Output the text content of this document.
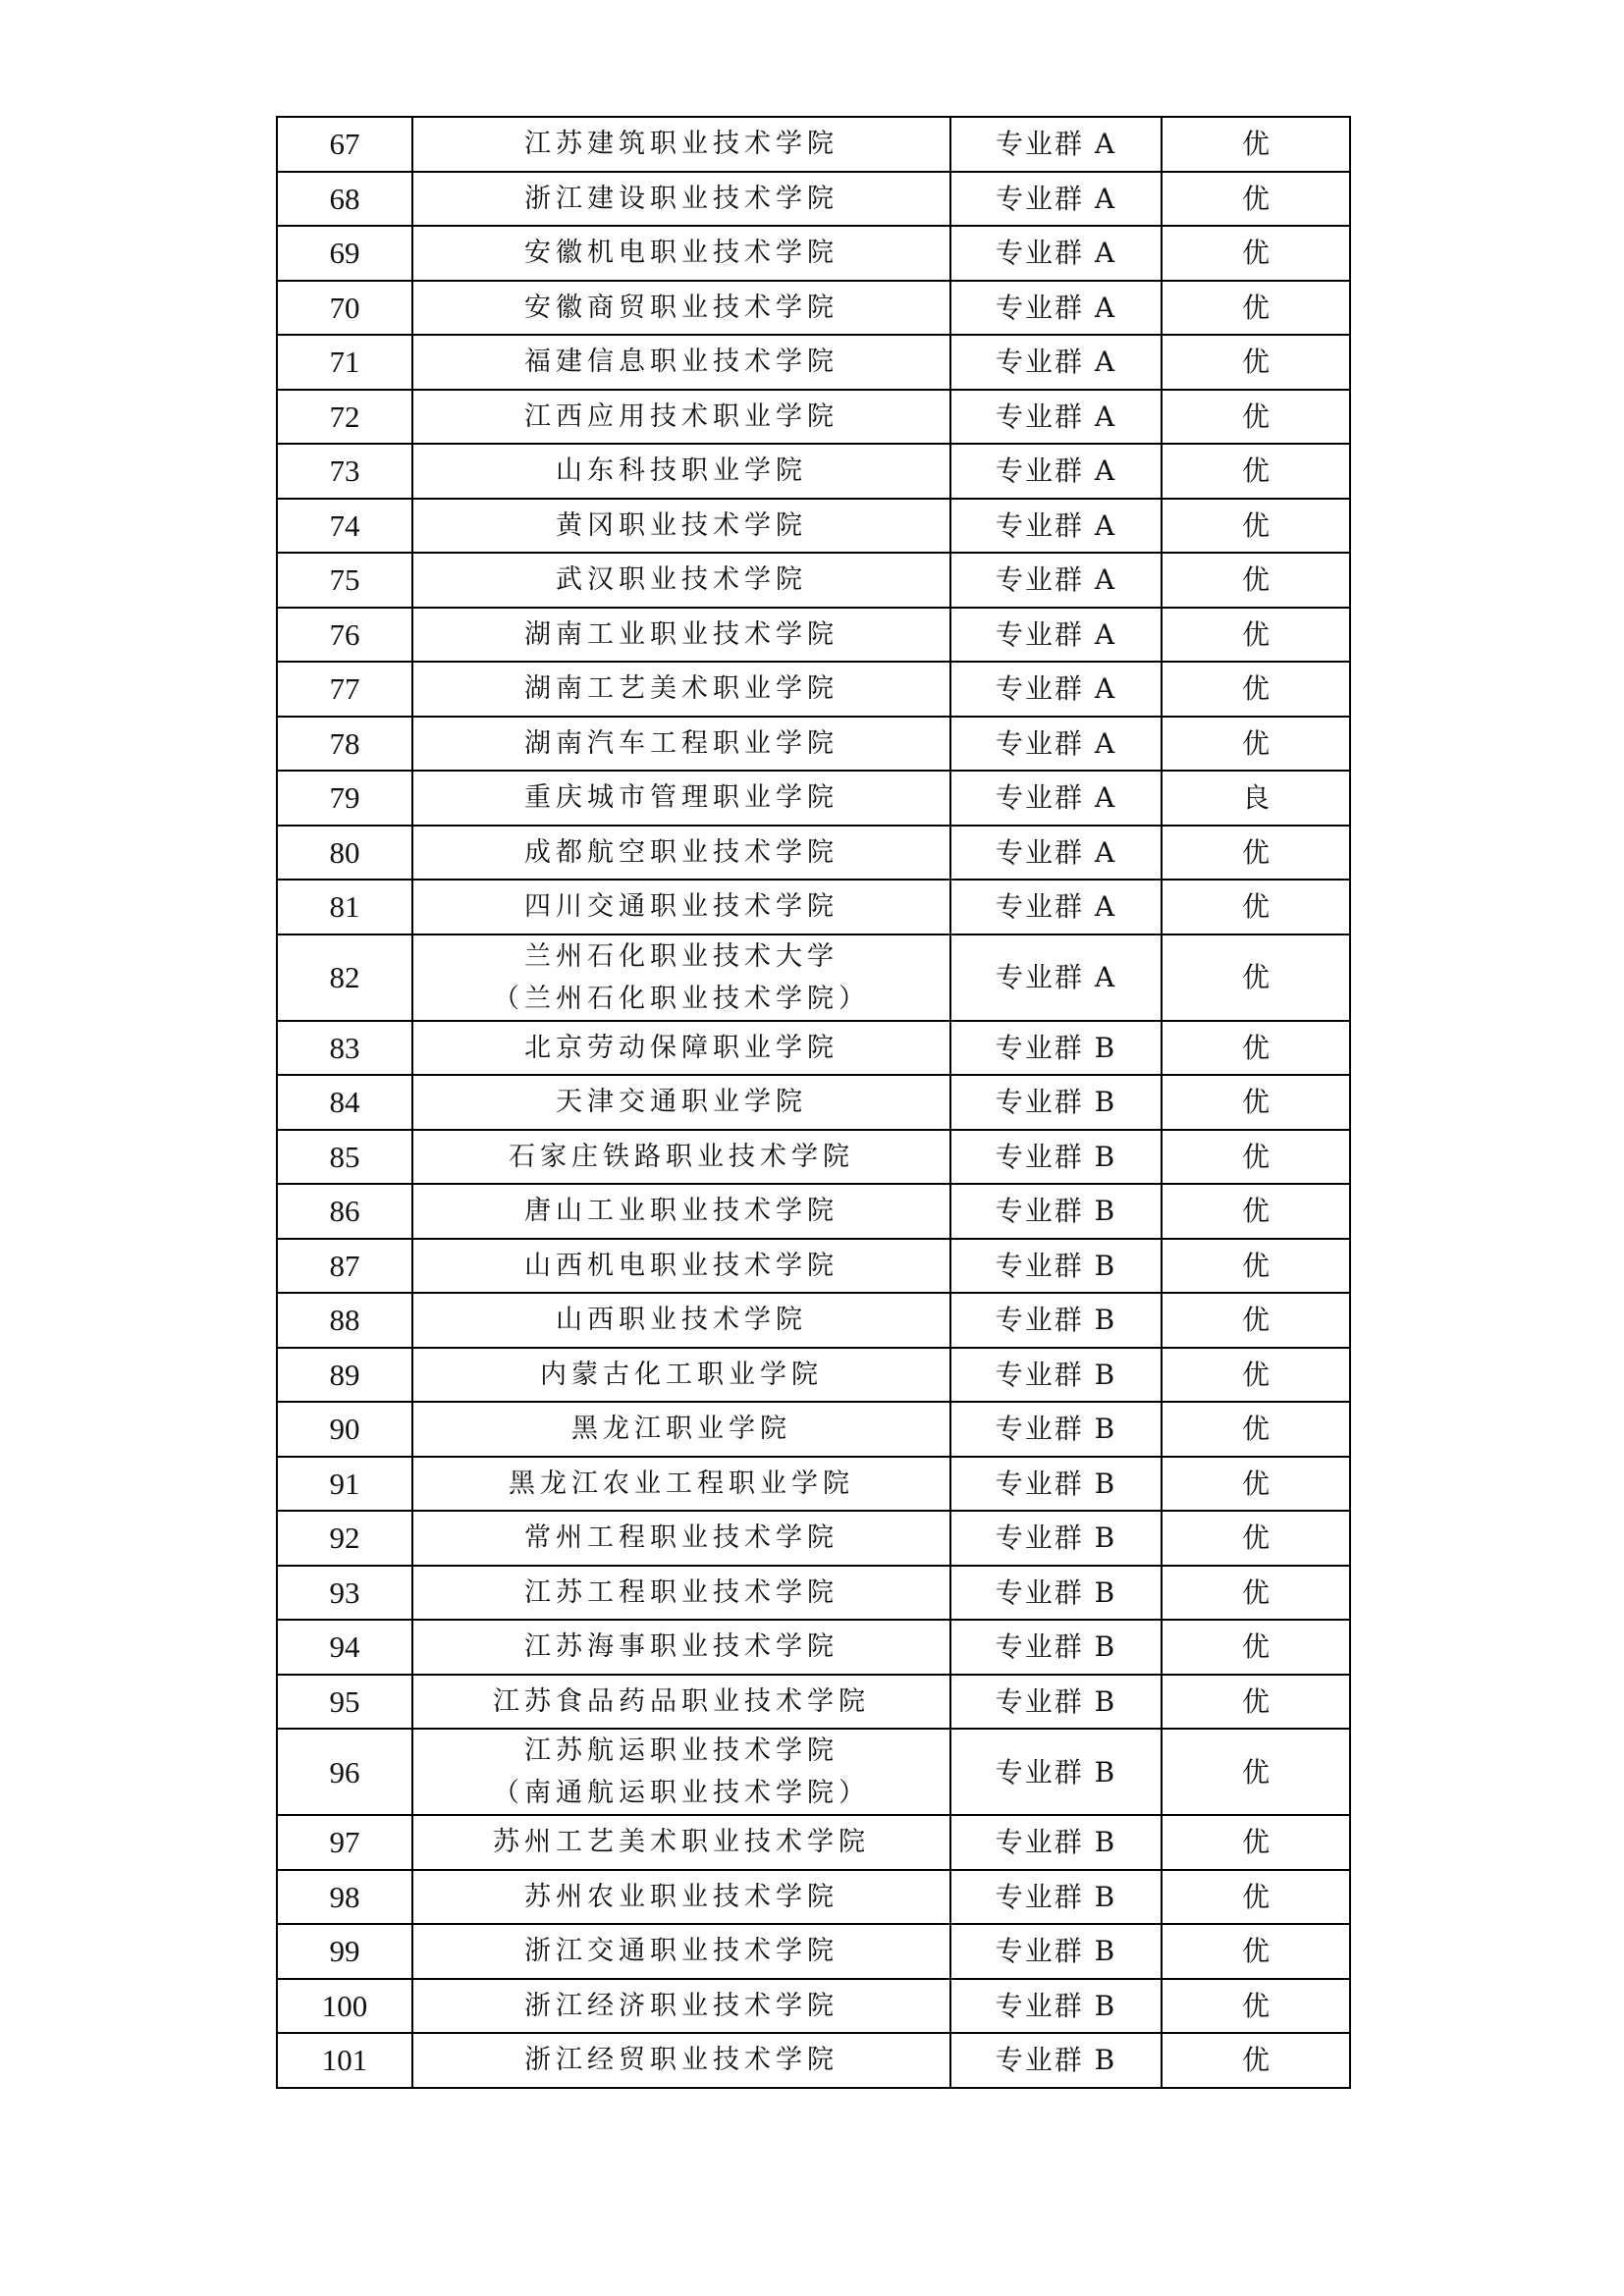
67	江苏建筑职业技术学院	专业群 A	优
68	浙江建设职业技术学院	专业群 A	优
69	安徽机电职业技术学院	专业群 A	优
70	安徽商贸职业技术学院	专业群 A	优
71	福建信息职业技术学院	专业群 A	优
72	江西应用技术职业学院	专业群 A	优
73	山东科技职业学院	专业群 A	优
74	黄冈职业技术学院	专业群 A	优
75	武汉职业技术学院	专业群 A	优
76	湖南工业职业技术学院	专业群 A	优
77	湖南工艺美术职业学院	专业群 A	优
78	湖南汽车工程职业学院	专业群 A	优
79	重庆城市管理职业学院	专业群 A	良
80	成都航空职业技术学院	专业群 A	优
81	四川交通职业技术学院	专业群 A	优
82	兰州石化职业技术大学
（兰州石化职业技术学院）	专业群 A	优
83	北京劳动保障职业学院	专业群 B	优
84	天津交通职业学院	专业群 B	优
85	石家庄铁路职业技术学院	专业群 B	优
86	唐山工业职业技术学院	专业群 B	优
87	山西机电职业技术学院	专业群 B	优
88	山西职业技术学院	专业群 B	优
89	内蒙古化工职业学院	专业群 B	优
90	黑龙江职业学院	专业群 B	优
91	黑龙江农业工程职业学院	专业群 B	优
92	常州工程职业技术学院	专业群 B	优
93	江苏工程职业技术学院	专业群 B	优
94	江苏海事职业技术学院	专业群 B	优
95	江苏食品药品职业技术学院	专业群 B	优
96	江苏航运职业技术学院
（南通航运职业技术学院）	专业群 B	优
97	苏州工艺美术职业技术学院	专业群 B	优
98	苏州农业职业技术学院	专业群 B	优
99	浙江交通职业技术学院	专业群 B	优
100	浙江经济职业技术学院	专业群 B	优
101	浙江经贸职业技术学院	专业群 B	优
